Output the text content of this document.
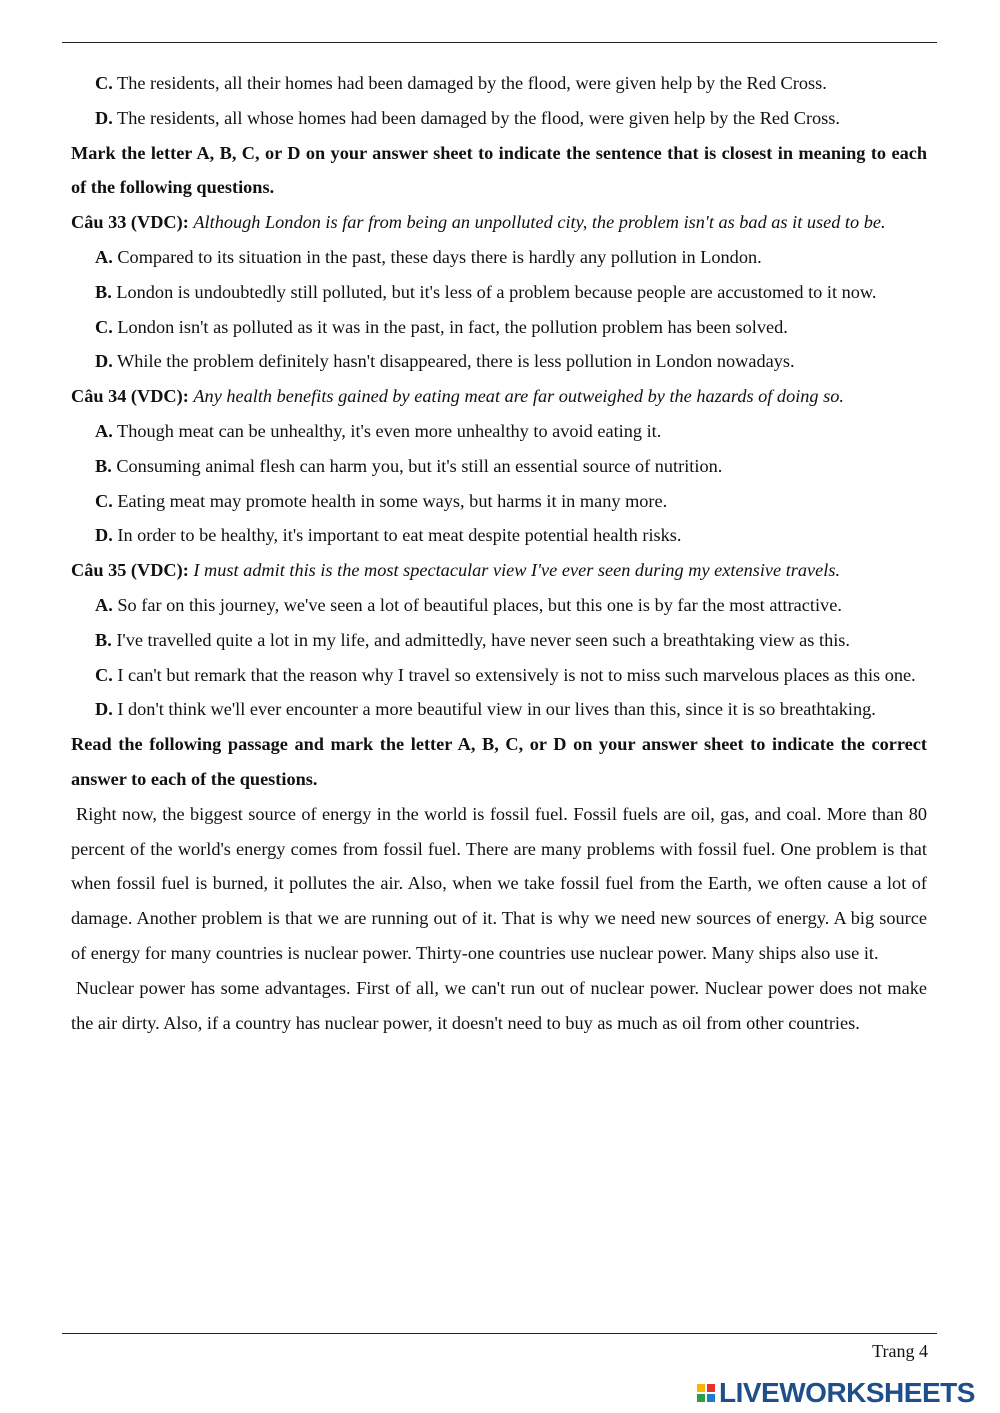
C. The residents, all their homes had been damaged by the flood, were given help by the Red Cross.

D. The residents, all whose homes had been damaged by the flood, were given help by the Red Cross.

Mark the letter A, B, C, or D on your answer sheet to indicate the sentence that is closest in meaning to each of the following questions.

Câu 33 (VDC): Although London is far from being an unpolluted city, the problem isn't as bad as it used to be.

A. Compared to its situation in the past, these days there is hardly any pollution in London.

B. London is undoubtedly still polluted, but it's less of a problem because people are accustomed to it now.

C. London isn't as polluted as it was in the past, in fact, the pollution problem has been solved.

D. While the problem definitely hasn't disappeared, there is less pollution in London nowadays.

Câu 34 (VDC): Any health benefits gained by eating meat are far outweighed by the hazards of doing so.

A. Though meat can be unhealthy, it's even more unhealthy to avoid eating it.

B. Consuming animal flesh can harm you, but it's still an essential source of nutrition.

C. Eating meat may promote health in some ways, but harms it in many more.

D. In order to be healthy, it's important to eat meat despite potential health risks.

Câu 35 (VDC): I must admit this is the most spectacular view I've ever seen during my extensive travels.

A. So far on this journey, we've seen a lot of beautiful places, but this one is by far the most attractive.

B. I've travelled quite a lot in my life, and admittedly, have never seen such a breathtaking view as this.

C. I can't but remark that the reason why I travel so extensively is not to miss such marvelous places as this one.

D. I don't think we'll ever encounter a more beautiful view in our lives than this, since it is so breathtaking.

Read the following passage and mark the letter A, B, C, or D on your answer sheet to indicate the correct answer to each of the questions.

Right now, the biggest source of energy in the world is fossil fuel. Fossil fuels are oil, gas, and coal. More than 80 percent of the world's energy comes from fossil fuel. There are many problems with fossil fuel. One problem is that when fossil fuel is burned, it pollutes the air. Also, when we take fossil fuel from the Earth, we often cause a lot of damage. Another problem is that we are running out of it. That is why we need new sources of energy. A big source of energy for many countries is nuclear power. Thirty-one countries use nuclear power. Many ships also use it.

Nuclear power has some advantages. First of all, we can't run out of nuclear power. Nuclear power does not make the air dirty. Also, if a country has nuclear power, it doesn't need to buy as much as oil from other countries.

Trang 4
LIVEWORKSHEETS
